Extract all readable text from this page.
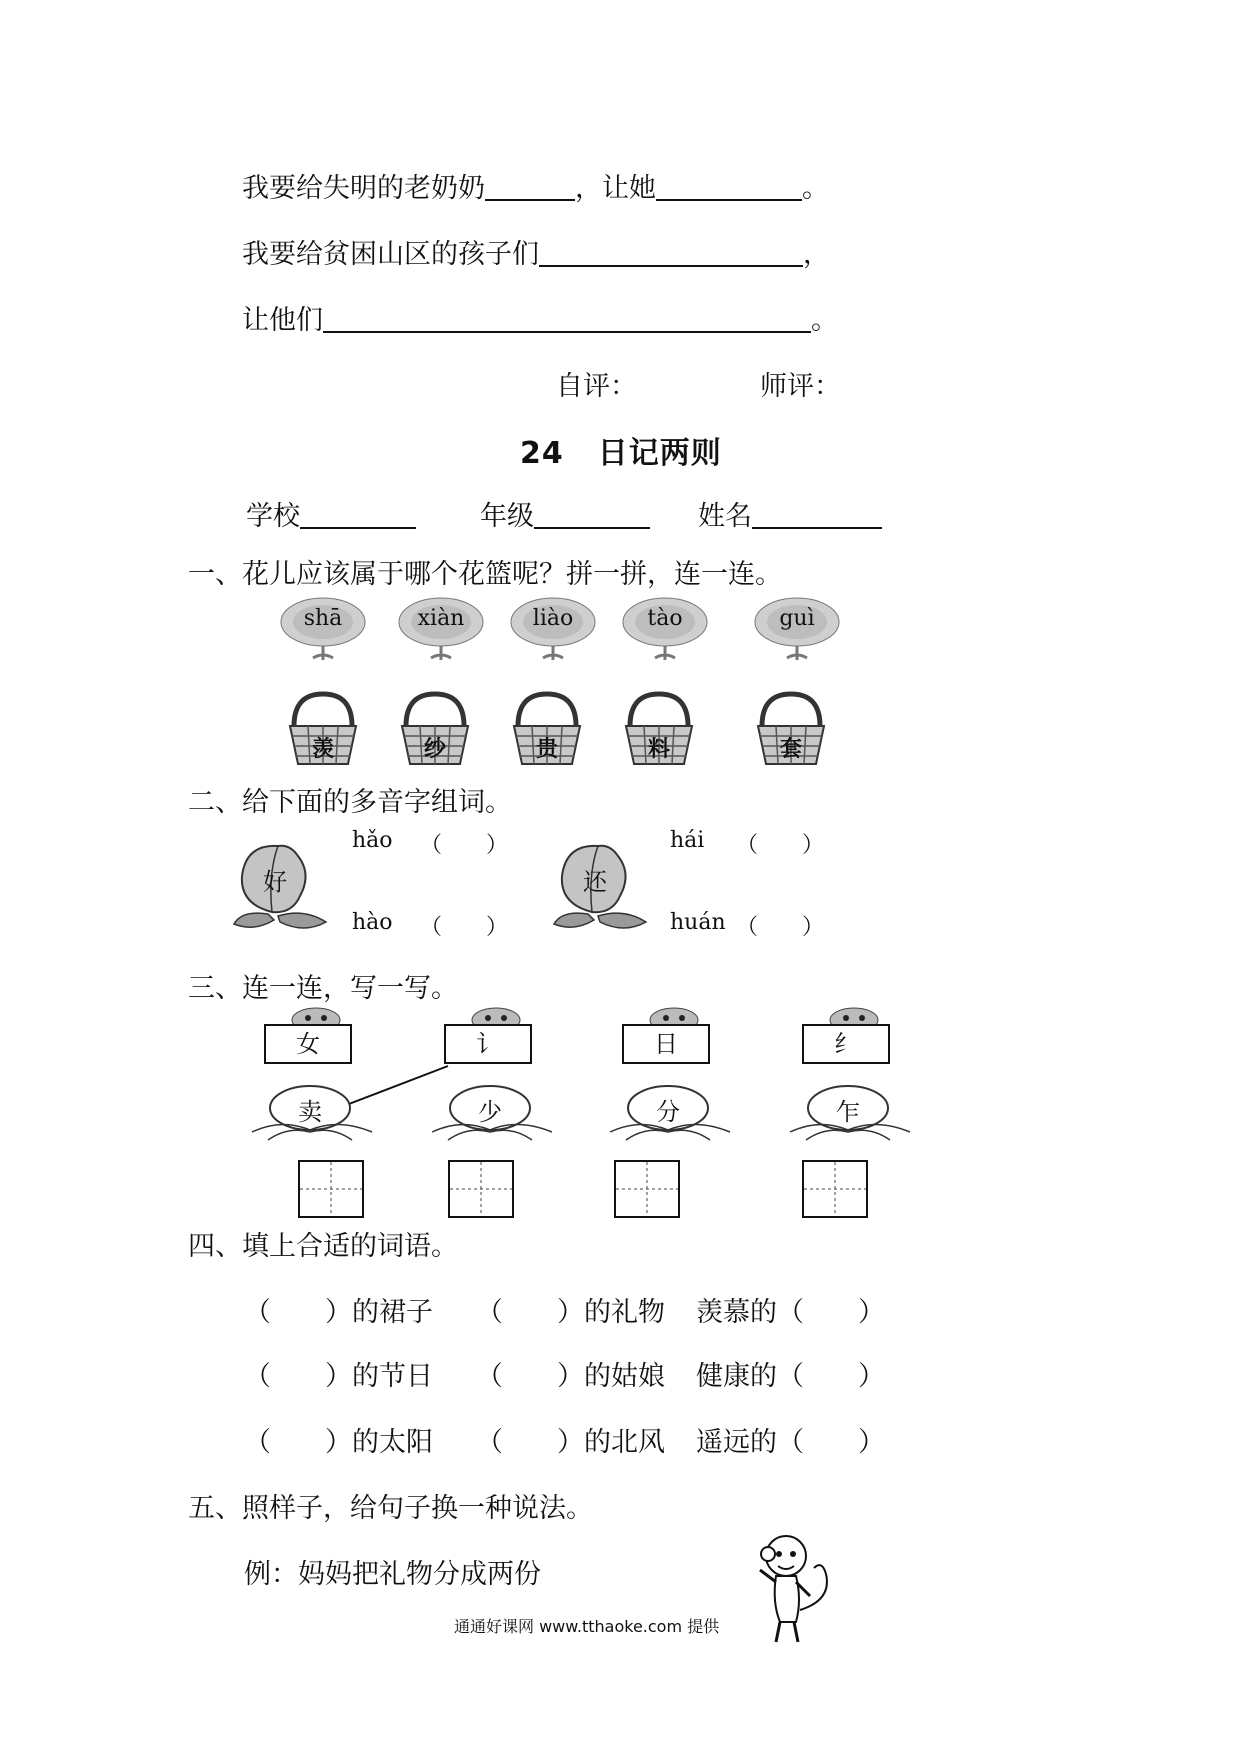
我要给失明的老奶奶	，让她	。
我要给贫困山区的孩子们	，
让他们	。
自评：	师评：
24 日记两则
学校	年级	姓名
一、花儿应该属于哪个花篮呢？拼一拼，连一连。
shā	xiàn	liào	tào	guì
羡	纱	贵	料	套
二、给下面的多音字组词。
好
hǎo （　　）
hào （　　）
还
hái （　　）
huán （　　）
三、连一连，写一写。
女	讠	日	纟
卖	少	分	乍
四、填上合适的词语。
（　　）的裙子 （　　）的礼物 羡慕的（　　）
（　　）的节日 （　　）的姑娘 健康的（　　）
（　　）的太阳 （　　）的北风 遥远的（　　）
五、照样子，给句子换一种说法。
例：妈妈把礼物分成两份
通通好课网 www.tthaoke.com 提供
